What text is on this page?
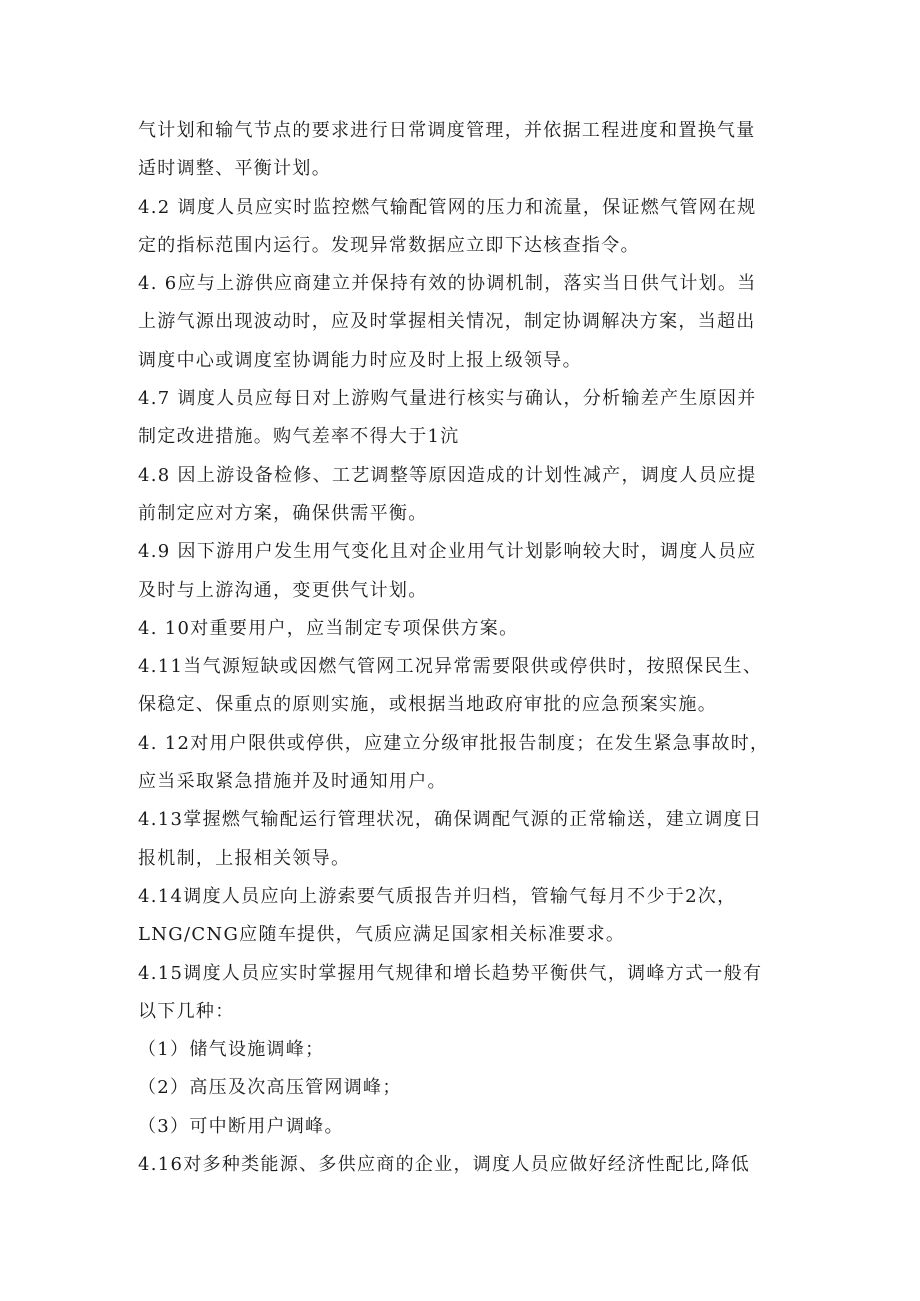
气计划和输气节点的要求进行日常调度管理，并依据工程进度和置换气量
适时调整、平衡计划。
4.2 调度人员应实时监控燃气输配管网的压力和流量，保证燃气管网在规
定的指标范围内运行。发现异常数据应立即下达核查指令。
4. 6应与上游供应商建立并保持有效的协调机制，落实当日供气计划。当
上游气源出现波动时，应及时掌握相关情况，制定协调解决方案，当超出
调度中心或调度室协调能力时应及时上报上级领导。
4.7 调度人员应每日对上游购气量进行核实与确认，分析输差产生原因并
制定改进措施。购气差率不得大于1沆
4.8 因上游设备检修、工艺调整等原因造成的计划性减产，调度人员应提
前制定应对方案，确保供需平衡。
4.9 因下游用户发生用气变化且对企业用气计划影响较大时，调度人员应
及时与上游沟通，变更供气计划。
4. 10对重要用户，应当制定专项保供方案。
4.11当气源短缺或因燃气管网工况异常需要限供或停供时，按照保民生、
保稳定、保重点的原则实施，或根据当地政府审批的应急预案实施。
4. 12对用户限供或停供，应建立分级审批报告制度；在发生紧急事故时，
应当采取紧急措施并及时通知用户。
4.13掌握燃气输配运行管理状况，确保调配气源的正常输送，建立调度日
报机制，上报相关领导。
4.14调度人员应向上游索要气质报告并归档，管输气每月不少于2次，
LNG/CNG应随车提供，气质应满足国家相关标准要求。
4.15调度人员应实时掌握用气规律和增长趋势平衡供气，调峰方式一般有
以下几种：
（1）储气设施调峰；
（2）高压及次高压管网调峰；
（3）可中断用户调峰。
4.16对多种类能源、多供应商的企业，调度人员应做好经济性配比,降低
